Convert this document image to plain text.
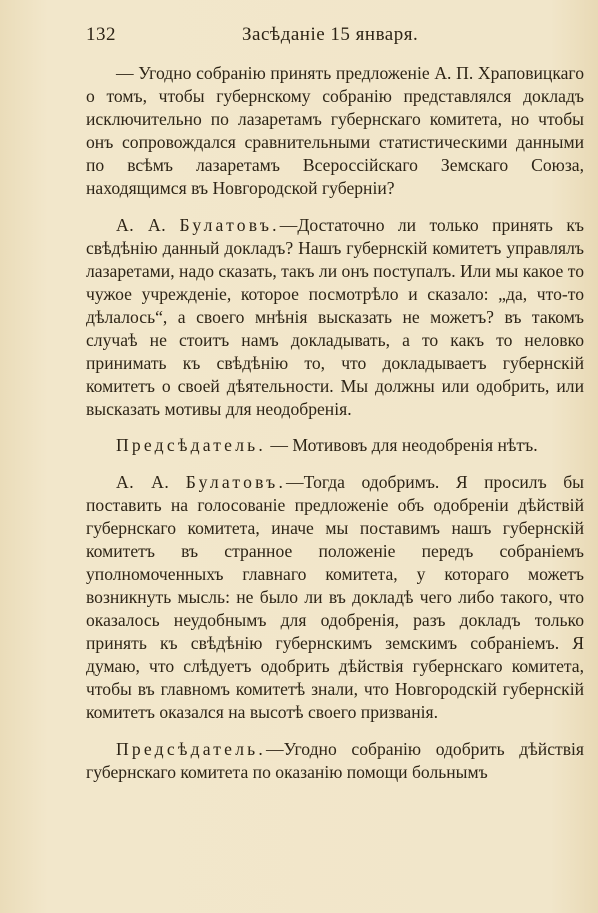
132	Засѣданіе 15 января.

— Угодно собранію принять предложеніе А. П. Храповицкаго о томъ, чтобы губернскому собранію представлялся докладъ исключительно по лазаретамъ губернскаго комитета, но чтобы онъ сопровождался сравнительными статистическими данными по всѣмъ лазаретамъ Всероссійскаго Земскаго Союза, находящимся въ Новгородской губерніи?

А. А. Булатовъ.—Достаточно ли только принять къ свѣдѣнію данный докладъ? Нашъ губернскій комитетъ управлялъ лазаретами, надо сказать, такъ ли онъ поступалъ. Или мы какое то чужое учрежденіе, которое посмотрѣло и сказало: „да, что-то дѣлалось“, а своего мнѣнія высказать не можетъ? въ такомъ случаѣ не стоитъ намъ докладывать, а то какъ то неловко принимать къ свѣдѣнію то, что докладываетъ губернскій комитетъ о своей дѣятельности. Мы должны или одобрить, или высказать мотивы для неодобренія.

Предсѣдатель. — Мотивовъ для неодобренія нѣтъ.

А. А. Булатовъ.—Тогда одобримъ. Я просилъ бы поставить на голосованіе предложеніе объ одобреніи дѣйствій губернскаго комитета, иначе мы поставимъ нашъ губернскій комитетъ въ странное положеніе передъ собраніемъ уполномоченныхъ главнаго комитета, у котораго можетъ возникнуть мысль: не было ли въ докладѣ чего либо такого, что оказалось неудобнымъ для одобренія, разъ докладъ только принять къ свѣдѣнію губернскимъ земскимъ собраніемъ. Я думаю, что слѣдуетъ одобрить дѣйствія губернскаго комитета, чтобы въ главномъ комитетѣ знали, что Новгородскій губернскій комитетъ оказался на высотѣ своего призванія.

Предсѣдатель.—Угодно собранію одобрить дѣйствія губернскаго комитета по оказанію помощи больнымъ
